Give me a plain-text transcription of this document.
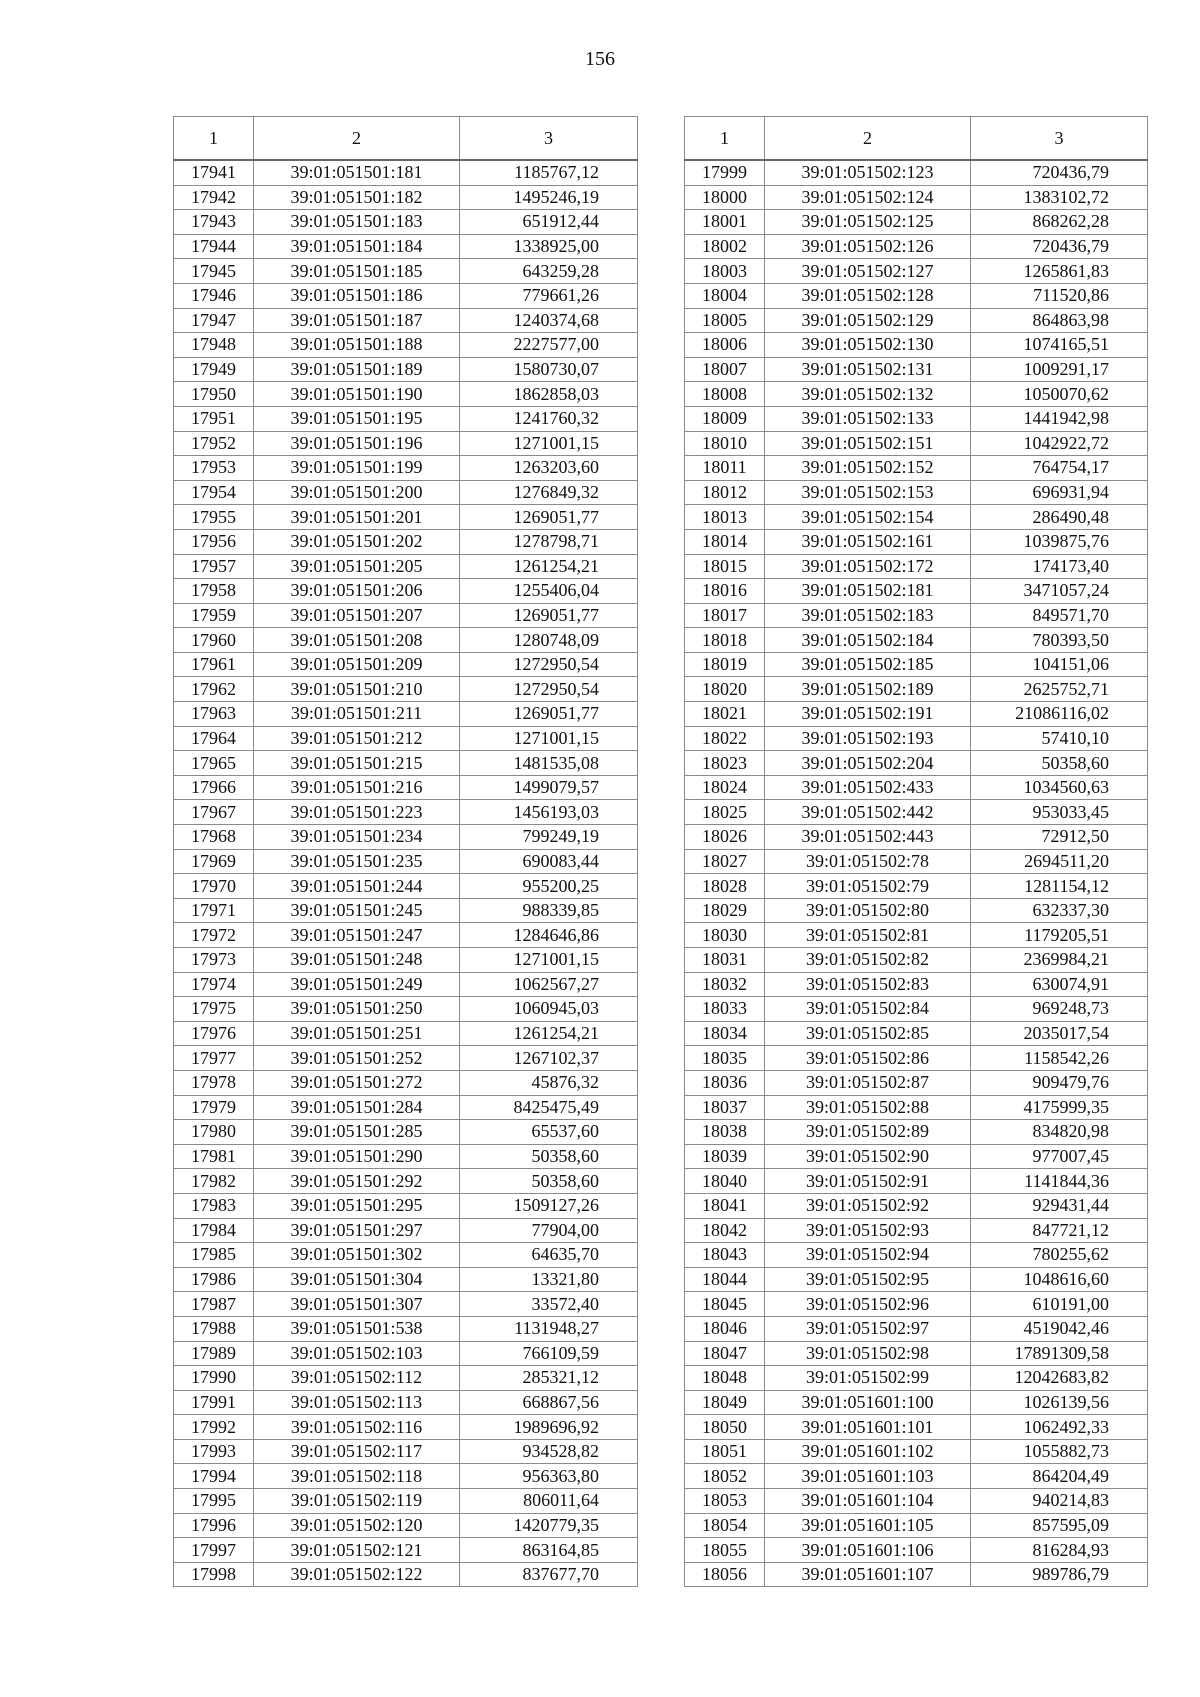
156
1	2	3
17941	39:01:051501:181	1185767,12
17942	39:01:051501:182	1495246,19
17943	39:01:051501:183	651912,44
17944	39:01:051501:184	1338925,00
17945	39:01:051501:185	643259,28
17946	39:01:051501:186	779661,26
17947	39:01:051501:187	1240374,68
17948	39:01:051501:188	2227577,00
17949	39:01:051501:189	1580730,07
17950	39:01:051501:190	1862858,03
17951	39:01:051501:195	1241760,32
17952	39:01:051501:196	1271001,15
17953	39:01:051501:199	1263203,60
17954	39:01:051501:200	1276849,32
17955	39:01:051501:201	1269051,77
17956	39:01:051501:202	1278798,71
17957	39:01:051501:205	1261254,21
17958	39:01:051501:206	1255406,04
17959	39:01:051501:207	1269051,77
17960	39:01:051501:208	1280748,09
17961	39:01:051501:209	1272950,54
17962	39:01:051501:210	1272950,54
17963	39:01:051501:211	1269051,77
17964	39:01:051501:212	1271001,15
17965	39:01:051501:215	1481535,08
17966	39:01:051501:216	1499079,57
17967	39:01:051501:223	1456193,03
17968	39:01:051501:234	799249,19
17969	39:01:051501:235	690083,44
17970	39:01:051501:244	955200,25
17971	39:01:051501:245	988339,85
17972	39:01:051501:247	1284646,86
17973	39:01:051501:248	1271001,15
17974	39:01:051501:249	1062567,27
17975	39:01:051501:250	1060945,03
17976	39:01:051501:251	1261254,21
17977	39:01:051501:252	1267102,37
17978	39:01:051501:272	45876,32
17979	39:01:051501:284	8425475,49
17980	39:01:051501:285	65537,60
17981	39:01:051501:290	50358,60
17982	39:01:051501:292	50358,60
17983	39:01:051501:295	1509127,26
17984	39:01:051501:297	77904,00
17985	39:01:051501:302	64635,70
17986	39:01:051501:304	13321,80
17987	39:01:051501:307	33572,40
17988	39:01:051501:538	1131948,27
17989	39:01:051502:103	766109,59
17990	39:01:051502:112	285321,12
17991	39:01:051502:113	668867,56
17992	39:01:051502:116	1989696,92
17993	39:01:051502:117	934528,82
17994	39:01:051502:118	956363,80
17995	39:01:051502:119	806011,64
17996	39:01:051502:120	1420779,35
17997	39:01:051502:121	863164,85
17998	39:01:051502:122	837677,70
1	2	3
17999	39:01:051502:123	720436,79
18000	39:01:051502:124	1383102,72
18001	39:01:051502:125	868262,28
18002	39:01:051502:126	720436,79
18003	39:01:051502:127	1265861,83
18004	39:01:051502:128	711520,86
18005	39:01:051502:129	864863,98
18006	39:01:051502:130	1074165,51
18007	39:01:051502:131	1009291,17
18008	39:01:051502:132	1050070,62
18009	39:01:051502:133	1441942,98
18010	39:01:051502:151	1042922,72
18011	39:01:051502:152	764754,17
18012	39:01:051502:153	696931,94
18013	39:01:051502:154	286490,48
18014	39:01:051502:161	1039875,76
18015	39:01:051502:172	174173,40
18016	39:01:051502:181	3471057,24
18017	39:01:051502:183	849571,70
18018	39:01:051502:184	780393,50
18019	39:01:051502:185	104151,06
18020	39:01:051502:189	2625752,71
18021	39:01:051502:191	21086116,02
18022	39:01:051502:193	57410,10
18023	39:01:051502:204	50358,60
18024	39:01:051502:433	1034560,63
18025	39:01:051502:442	953033,45
18026	39:01:051502:443	72912,50
18027	39:01:051502:78	2694511,20
18028	39:01:051502:79	1281154,12
18029	39:01:051502:80	632337,30
18030	39:01:051502:81	1179205,51
18031	39:01:051502:82	2369984,21
18032	39:01:051502:83	630074,91
18033	39:01:051502:84	969248,73
18034	39:01:051502:85	2035017,54
18035	39:01:051502:86	1158542,26
18036	39:01:051502:87	909479,76
18037	39:01:051502:88	4175999,35
18038	39:01:051502:89	834820,98
18039	39:01:051502:90	977007,45
18040	39:01:051502:91	1141844,36
18041	39:01:051502:92	929431,44
18042	39:01:051502:93	847721,12
18043	39:01:051502:94	780255,62
18044	39:01:051502:95	1048616,60
18045	39:01:051502:96	610191,00
18046	39:01:051502:97	4519042,46
18047	39:01:051502:98	17891309,58
18048	39:01:051502:99	12042683,82
18049	39:01:051601:100	1026139,56
18050	39:01:051601:101	1062492,33
18051	39:01:051601:102	1055882,73
18052	39:01:051601:103	864204,49
18053	39:01:051601:104	940214,83
18054	39:01:051601:105	857595,09
18055	39:01:051601:106	816284,93
18056	39:01:051601:107	989786,79
